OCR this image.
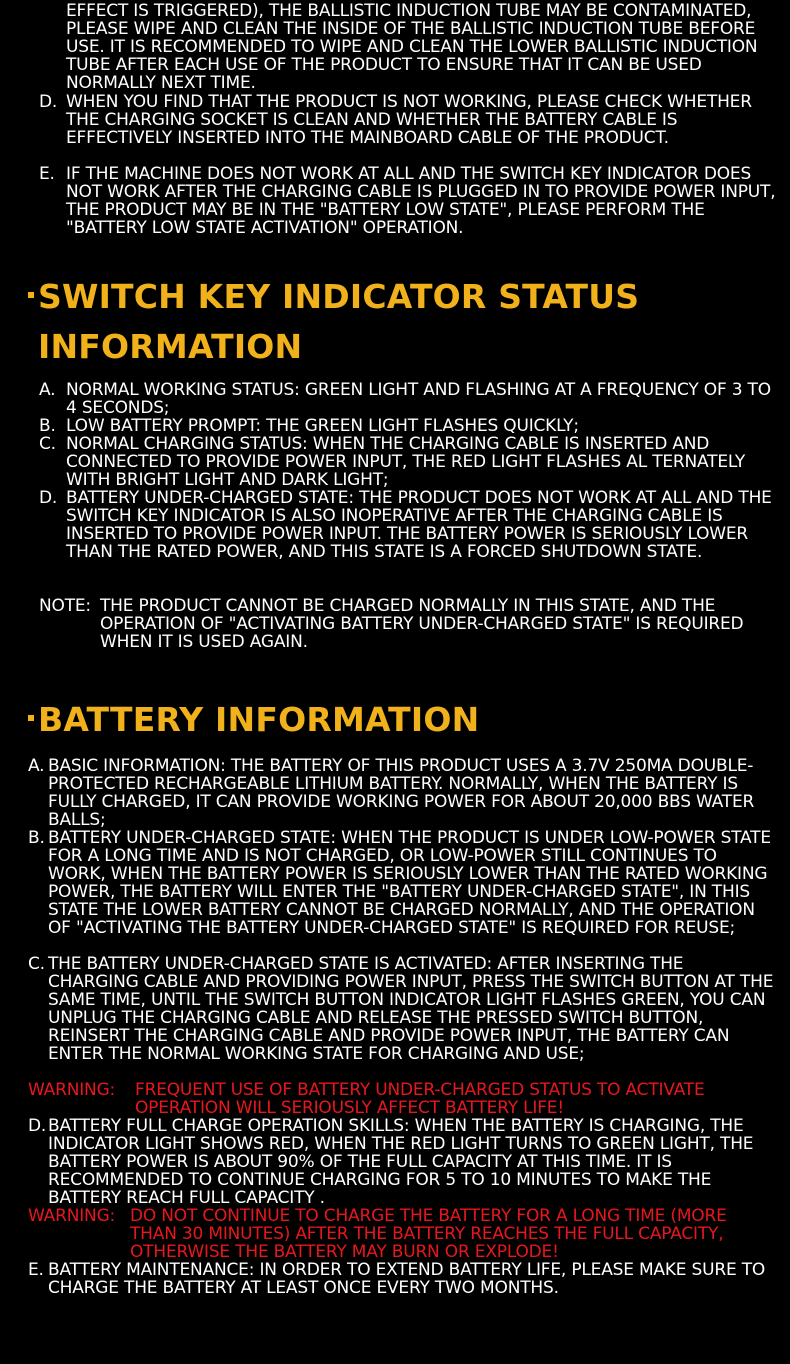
EFFECT IS TRIGGERED), THE BALLISTIC INDUCTION TUBE MAY BE CONTAMINATED, PLEASE WIPE AND CLEAN THE INSIDE OF THE BALLISTIC INDUCTION TUBE BEFORE USE. IT IS RECOMMENDED TO WIPE AND CLEAN THE LOWER BALLISTIC INDUCTION TUBE AFTER EACH USE OF THE PRODUCT TO ENSURE THAT IT CAN BE USED NORMALLY NEXT TIME.
D. WHEN YOU FIND THAT THE PRODUCT IS NOT WORKING, PLEASE CHECK WHETHER THE CHARGING SOCKET IS CLEAN AND WHETHER THE BATTERY CABLE IS EFFECTIVELY INSERTED INTO THE MAINBOARD CABLE OF THE PRODUCT.
E. IF THE MACHINE DOES NOT WORK AT ALL AND THE SWITCH KEY INDICATOR DOES NOT WORK AFTER THE CHARGING CABLE IS PLUGGED IN TO PROVIDE POWER INPUT, THE PRODUCT MAY BE IN THE "BATTERY LOW STATE", PLEASE PERFORM THE "BATTERY LOW STATE ACTIVATION" OPERATION.
SWITCH KEY INDICATOR STATUS
INFORMATION
A. NORMAL WORKING STATUS: GREEN LIGHT AND FLASHING AT A FREQUENCY OF 3 TO 4 SECONDS;
B. LOW BATTERY PROMPT: THE GREEN LIGHT FLASHES QUICKLY;
C. NORMAL CHARGING STATUS: WHEN THE CHARGING CABLE IS INSERTED AND CONNECTED TO PROVIDE POWER INPUT, THE RED LIGHT FLASHES AL TERNATELY WITH BRIGHT LIGHT AND DARK LIGHT;
D. BATTERY UNDER-CHARGED STATE: THE PRODUCT DOES NOT WORK AT ALL AND THE SWITCH KEY INDICATOR IS ALSO INOPERATIVE AFTER THE CHARGING CABLE IS INSERTED TO PROVIDE POWER INPUT. THE BATTERY POWER IS SERIOUSLY LOWER THAN THE RATED POWER, AND THIS STATE IS A FORCED SHUTDOWN STATE.
NOTE: THE PRODUCT CANNOT BE CHARGED NORMALLY IN THIS STATE, AND THE OPERATION OF "ACTIVATING BATTERY UNDER-CHARGED STATE" IS REQUIRED WHEN IT IS USED AGAIN.
BATTERY INFORMATION
A. BASIC INFORMATION: THE BATTERY OF THIS PRODUCT USES A 3.7V 250MA DOUBLE-PROTECTED RECHARGEABLE LITHIUM BATTERY. NORMALLY, WHEN THE BATTERY IS FULLY CHARGED, IT CAN PROVIDE WORKING POWER FOR ABOUT 20,000 BBS WATER BALLS;
B. BATTERY UNDER-CHARGED STATE: WHEN THE PRODUCT IS UNDER LOW-POWER STATE FOR A LONG TIME AND IS NOT CHARGED, OR LOW-POWER STILL CONTINUES TO WORK, WHEN THE BATTERY POWER IS SERIOUSLY LOWER THAN THE RATED WORKING POWER, THE BATTERY WILL ENTER THE "BATTERY UNDER-CHARGED STATE", IN THIS STATE THE LOWER BATTERY CANNOT BE CHARGED NORMALLY, AND THE OPERATION OF "ACTIVATING THE BATTERY UNDER-CHARGED STATE" IS REQUIRED FOR REUSE;
C. THE BATTERY UNDER-CHARGED STATE IS ACTIVATED: AFTER INSERTING THE CHARGING CABLE AND PROVIDING POWER INPUT, PRESS THE SWITCH BUTTON AT THE SAME TIME, UNTIL THE SWITCH BUTTON INDICATOR LIGHT FLASHES GREEN, YOU CAN UNPLUG THE CHARGING CABLE AND RELEASE THE PRESSED SWITCH BUTTON, REINSERT THE CHARGING CABLE AND PROVIDE POWER INPUT, THE BATTERY CAN ENTER THE NORMAL WORKING STATE FOR CHARGING AND USE;
WARNING:	FREQUENT USE OF BATTERY UNDER-CHARGED STATUS TO ACTIVATE OPERATION WILL SERIOUSLY AFFECT BATTERY LIFE!
D. BATTERY FULL CHARGE OPERATION SKILLS: WHEN THE BATTERY IS CHARGING, THE INDICATOR LIGHT SHOWS RED, WHEN THE RED LIGHT TURNS TO GREEN LIGHT, THE BATTERY POWER IS ABOUT 90% OF THE FULL CAPACITY AT THIS TIME. IT IS RECOMMENDED TO CONTINUE CHARGING FOR 5 TO 10 MINUTES TO MAKE THE BATTERY REACH FULL CAPACITY .
WARNING: DO NOT CONTINUE TO CHARGE THE BATTERY FOR A LONG TIME (MORE THAN 30 MINUTES) AFTER THE BATTERY REACHES THE FULL CAPACITY, OTHERWISE THE BATTERY MAY BURN OR EXPLODE!
E. BATTERY MAINTENANCE: IN ORDER TO EXTEND BATTERY LIFE, PLEASE MAKE SURE TO CHARGE THE BATTERY AT LEAST ONCE EVERY TWO MONTHS.
